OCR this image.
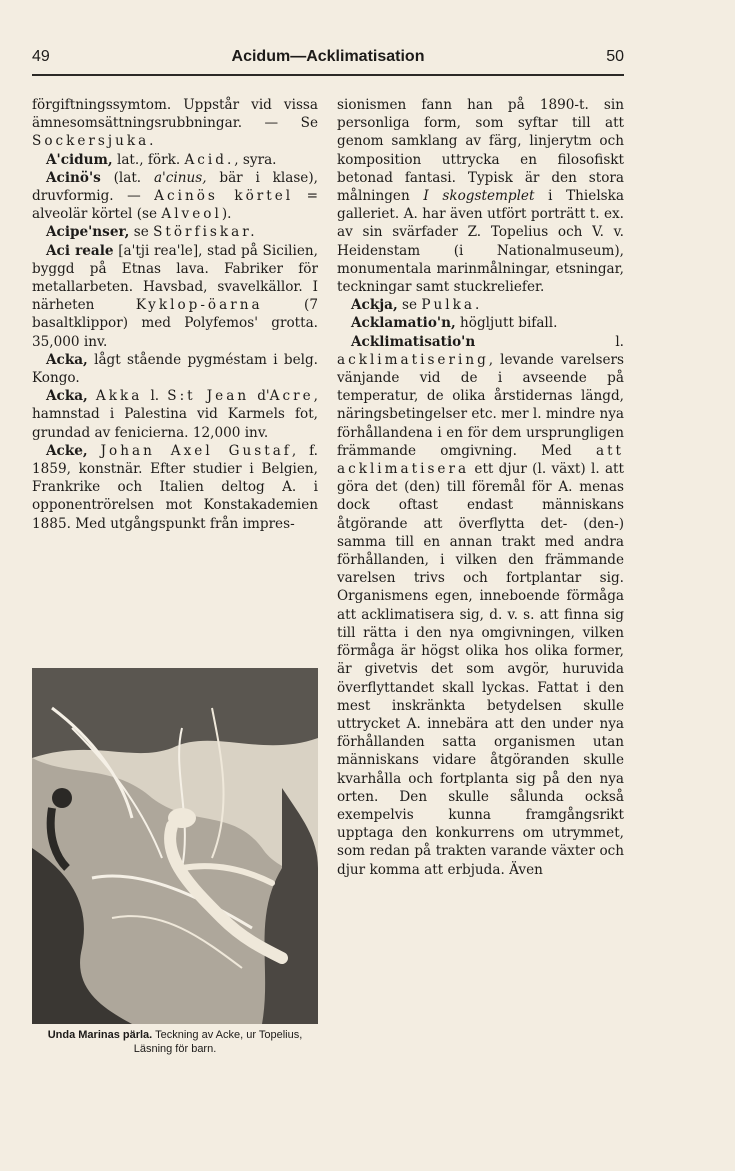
49	Acidum—Acklimatisation	50

förgiftningssymtom. Uppstår vid vissa ämnesomsättningsrubbningar. — Se Sockersjuka.

A'cidum, lat., förk. Acid., syra.

Acinö's (lat. a'cinus, bär i klase), druvformig. — Acinös körtel = alveolär körtel (se Alveol).

Acipe'nser, se Störfiskar.

Aci reale [a'tji rea'le], stad på Sicilien, byggd på Etnas lava. Fabriker för metallarbeten. Havsbad, svavelkällor. I närheten	Kyklop-öarna	(7 basaltklippor) med Polyfemos' grotta. 35,000 inv.

Acka, lågt stående pygméstam i belg. Kongo.

Acka, Akka l. S:t Jean d'Acre, hamnstad i Palestina vid Karmels fot, grundad av fenicierna. 12,000 inv.

Acke, Johan Axel Gustaf, f. 1859, konstnär. Efter studier i Belgien, Frankrike och Italien deltog A. i opponentrörelsen mot Konstakademien 1885. Med utgångspunkt från impres-

Unda Marinas pärla. Teckning av Acke, ur Topelius, Läsning för barn.

sionismen fann han på 1890-t. sin personliga form, som syftar till att genom samklang av färg, linjerytm och komposition uttrycka en filosofiskt betonad fantasi. Typisk är den stora målningen I skogstemplet i Thielska galleriet. A. har även utfört porträtt t. ex. av sin svärfader Z. Topelius och V. v. Heidenstam (i Nationalmuseum), monumentala marinmålningar, etsningar, teckningar samt stuckreliefer.

Ackja, se Pulka.

Acklamatio'n, högljutt bifall.

Acklimatisatio'n	l. acklimatisering, levande varelsers vänjande vid de i avseende på temperatur, de olika årstidernas längd, näringsbetingelser etc. mer l. mindre nya förhållandena i en för dem ursprungligen främmande omgivning. Med att acklimatisera ett djur (l. växt) l. att göra det (den) till föremål för A. menas dock oftast endast människans åtgörande att överflytta det- (den-) samma till en annan trakt med andra förhållanden, i vilken den främmande varelsen trivs och fortplantar sig. Organismens egen, inneboende förmåga att acklimatisera sig, d. v. s. att finna sig till rätta i den nya omgivningen, vilken förmåga är högst olika hos olika former, är givetvis det som avgör, huruvida överflyttandet skall lyckas. Fattat i den mest inskränkta betydelsen skulle uttrycket A. innebära att den under nya förhållanden satta organismen utan människans vidare åtgöranden skulle kvarhålla och fortplanta sig på den nya orten. Den skulle sålunda också exempelvis kunna framgångsrikt upptaga den konkurrens om utrymmet, som redan på trakten varande växter och djur komma att erbjuda. Även
